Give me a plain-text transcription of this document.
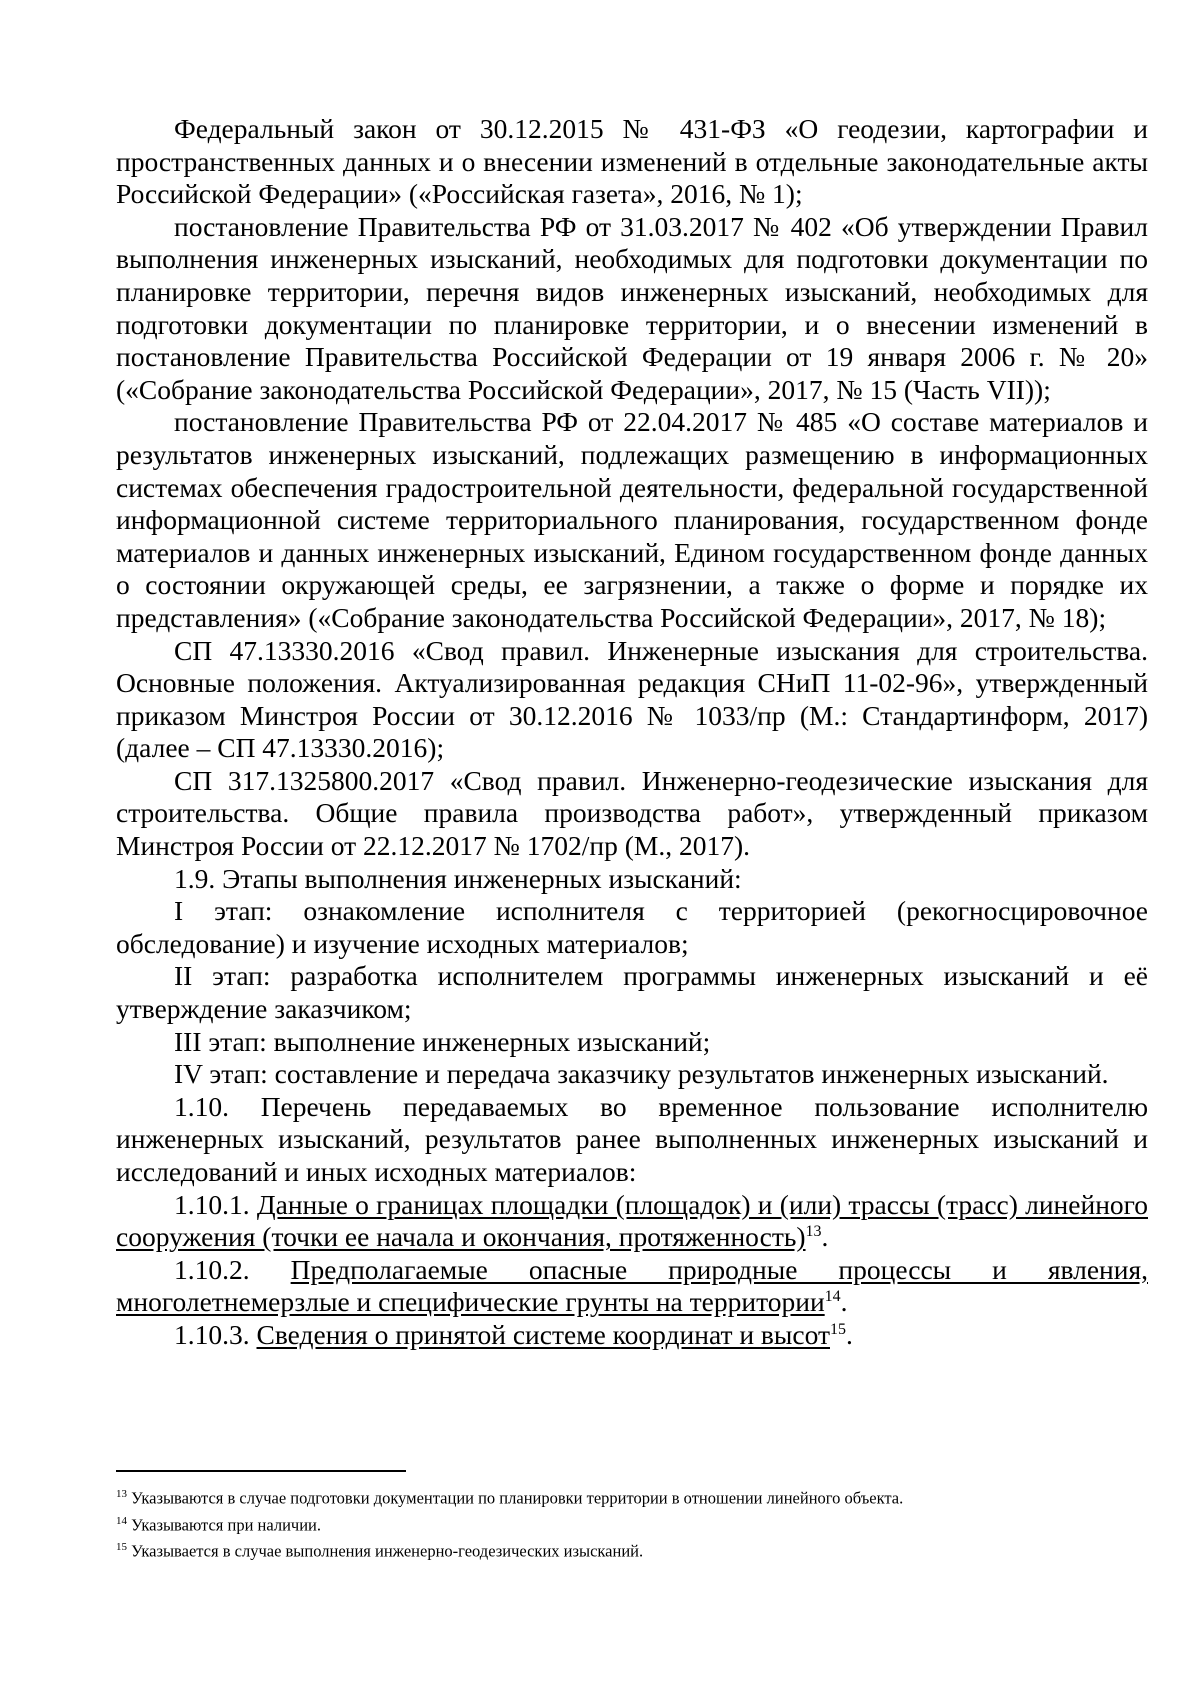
Федеральный закон от 30.12.2015 № 431-ФЗ «О геодезии, картографии и пространственных данных и о внесении изменений в отдельные законодательные акты Российской Федерации» («Российская газета», 2016, № 1);

постановление Правительства РФ от 31.03.2017 № 402 «Об утверждении Правил выполнения инженерных изысканий, необходимых для подготовки документации по планировке территории, перечня видов инженерных изысканий, необходимых для подготовки документации по планировке территории, и о внесении изменений в постановление Правительства Российской Федерации от 19 января 2006 г. № 20» («Собрание законодательства Российской Федерации», 2017, № 15 (Часть VII));

постановление Правительства РФ от 22.04.2017 № 485 «О составе материалов и результатов инженерных изысканий, подлежащих размещению в информационных системах обеспечения градостроительной деятельности, федеральной государственной информационной системе территориального планирования, государственном фонде материалов и данных инженерных изысканий, Едином государственном фонде данных о состоянии окружающей среды, ее загрязнении, а также о форме и порядке их представления» («Собрание законодательства Российской Федерации», 2017, № 18);

СП 47.13330.2016 «Свод правил. Инженерные изыскания для строительства. Основные положения. Актуализированная редакция СНиП 11-02-96», утвержденный приказом Минстроя России от 30.12.2016 № 1033/пр (М.: Стандартинформ, 2017) (далее – СП 47.13330.2016);

СП 317.1325800.2017 «Свод правил. Инженерно-геодезические изыскания для строительства. Общие правила производства работ», утвержденный приказом Минстроя России от 22.12.2017 № 1702/пр (М., 2017).

1.9. Этапы выполнения инженерных изысканий:

I этап: ознакомление исполнителя с территорией (рекогносцировочное обследование) и изучение исходных материалов;

II этап: разработка исполнителем программы инженерных изысканий и её утверждение заказчиком;

III этап: выполнение инженерных изысканий;

IV этап: составление и передача заказчику результатов инженерных изысканий.

1.10. Перечень передаваемых во временное пользование исполнителю инженерных изысканий, результатов ранее выполненных инженерных изысканий и исследований и иных исходных материалов:

1.10.1. Данные о границах площадки (площадок) и (или) трассы (трасс) линейного сооружения (точки ее начала и окончания, протяженность)$^{13}$.

1.10.2. Предполагаемые опасные природные процессы и явления, многолетнемерзлые и специфические грунты на территории$^{14}$.

1.10.3. Сведения о принятой системе координат и высот$^{15}$.

$^{13}$ Указываются в случае подготовки документации по планировки территории в отношении линейного объекта.

$^{14}$ Указываются при наличии.

$^{15}$ Указывается в случае выполнения инженерно-геодезических изысканий.
